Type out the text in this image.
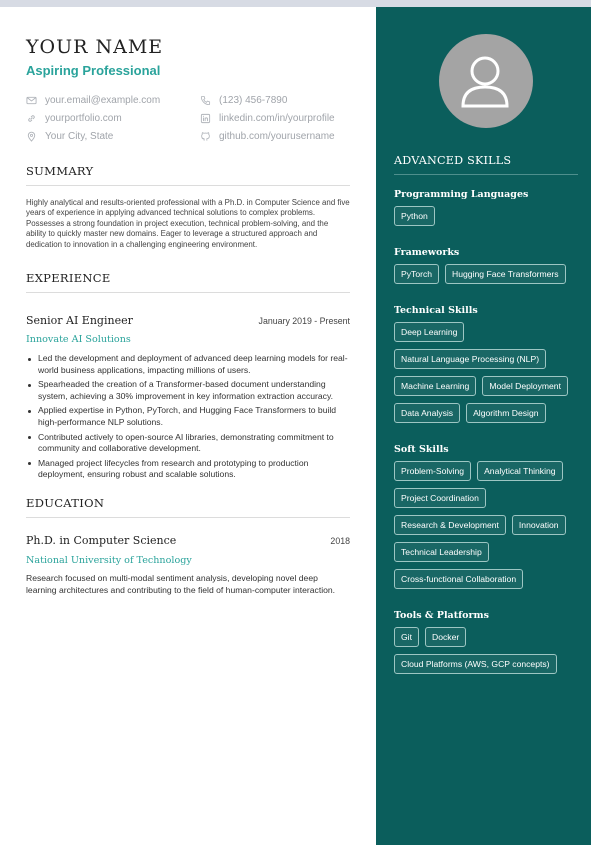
YOUR NAME
Aspiring Professional
your.email@example.com	(123) 456-7890
yourportfolio.com	linkedin.com/in/yourprofile
Your City, State	github.com/yourusername
SUMMARY

Highly analytical and results-oriented professional with a Ph.D. in Computer Science and five years of experience in applying advanced technical solutions to complex problems. Possesses a strong foundation in project execution, technical problem-solving, and the ability to quickly master new domains. Eager to leverage a structured approach and dedication to innovation in a challenging engineering environment.

EXPERIENCE
Senior AI Engineer	January 2019 - Present
Innovate AI Solutions
Led the development and deployment of advanced deep learning models for real-world business applications, impacting millions of users.
Spearheaded the creation of a Transformer-based document understanding system, achieving a 30% improvement in key information extraction accuracy.
Applied expertise in Python, PyTorch, and Hugging Face Transformers to build high-performance NLP solutions.
Contributed actively to open-source AI libraries, demonstrating commitment to community and collaborative development.
Managed project lifecycles from research and prototyping to production deployment, ensuring robust and scalable solutions.
EDUCATION
Ph.D. in Computer Science	2018
National University of Technology

Research focused on multi-modal sentiment analysis, developing novel deep learning architectures and contributing to the field of human-computer interaction.

ADVANCED SKILLS
Programming Languages
Python
Frameworks
PyTorch	Hugging Face Transformers
Technical Skills
Deep Learning
Natural Language Processing (NLP)
Machine Learning	Model Deployment
Data Analysis	Algorithm Design
Soft Skills
Problem-Solving	Analytical Thinking
Project Coordination
Research & Development	Innovation
Technical Leadership
Cross-functional Collaboration
Tools & Platforms
Git	Docker
Cloud Platforms (AWS, GCP concepts)
